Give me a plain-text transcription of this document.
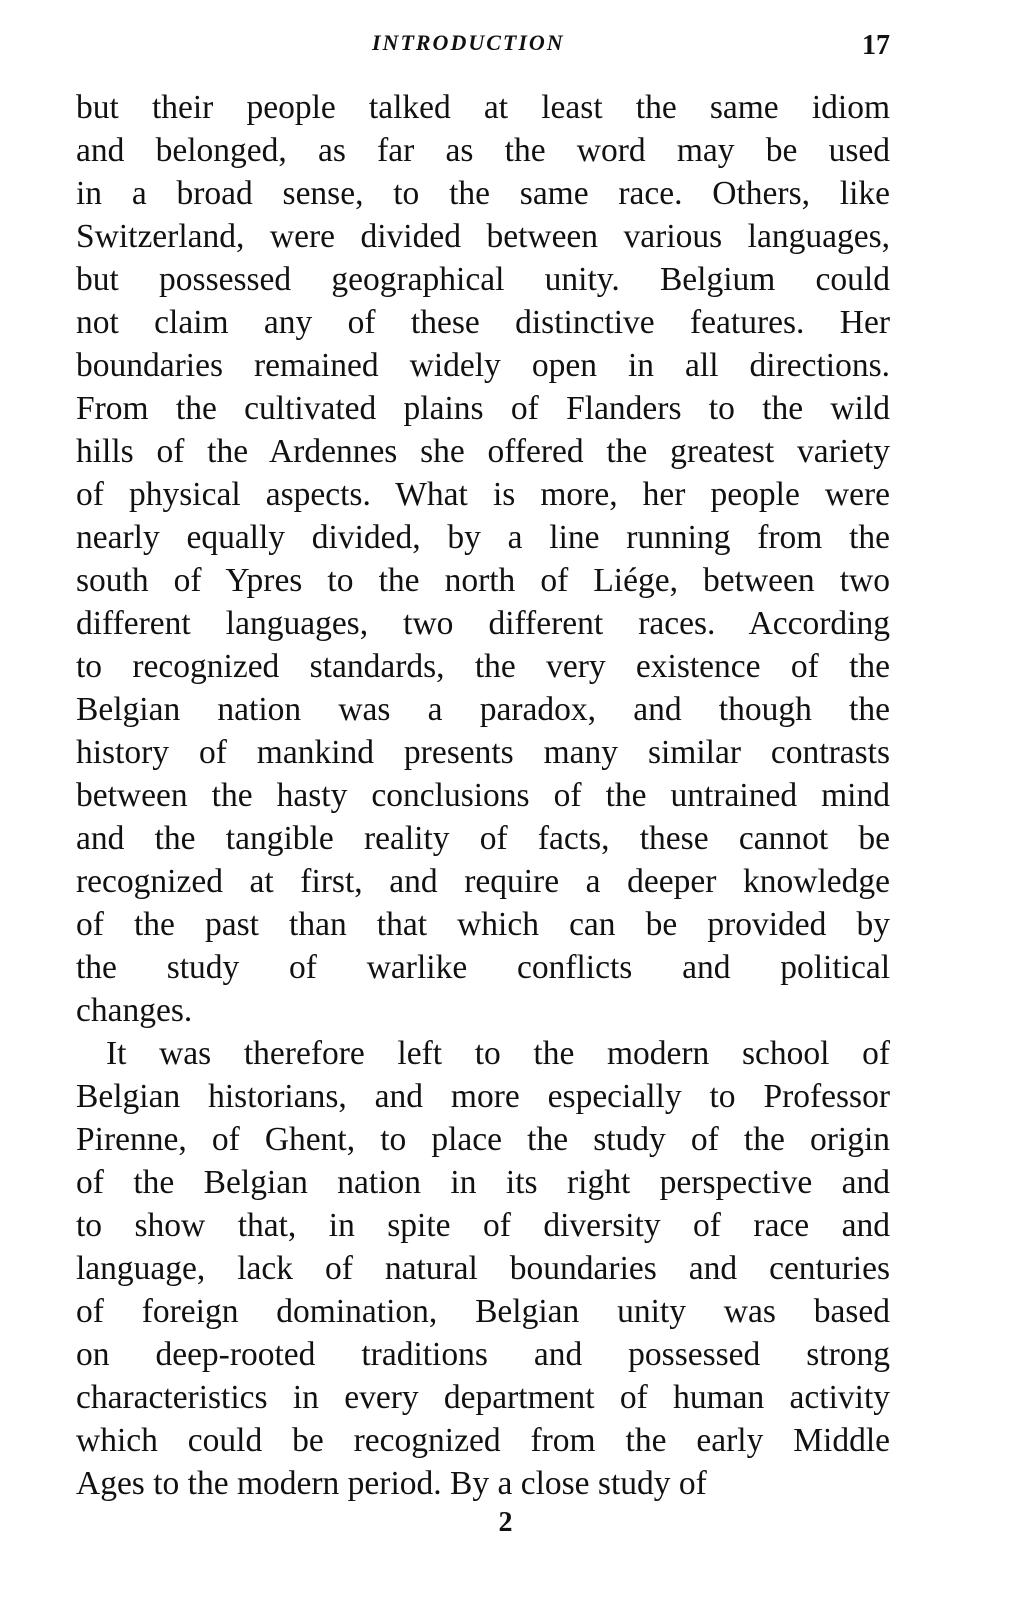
INTRODUCTION	17
but their people talked at least the same idiom
and belonged, as far as the word may be used
in a broad sense, to the same race. Others, like
Switzerland, were divided between various languages,
but possessed geographical unity. Belgium could
not claim any of these distinctive features. Her
boundaries remained widely open in all directions.
From the cultivated plains of Flanders to the wild
hills of the Ardennes she offered the greatest variety
of physical aspects. What is more, her people were
nearly equally divided, by a line running from the
south of Ypres to the north of Liége, between two
different languages, two different races. According
to recognized standards, the very existence of the
Belgian nation was a paradox, and though the
history of mankind presents many similar contrasts
between the hasty conclusions of the untrained mind
and the tangible reality of facts, these cannot be
recognized at first, and require a deeper knowledge
of the past than that which can be provided by
the study of warlike conflicts and political
changes.
It was therefore left to the modern school of
Belgian historians, and more especially to Professor
Pirenne, of Ghent, to place the study of the origin
of the Belgian nation in its right perspective and
to show that, in spite of diversity of race and
language, lack of natural boundaries and centuries
of foreign domination, Belgian unity was based
on deep-rooted traditions and possessed strong
characteristics in every department of human activity
which could be recognized from the early Middle
Ages to the modern period. By a close study of
2
